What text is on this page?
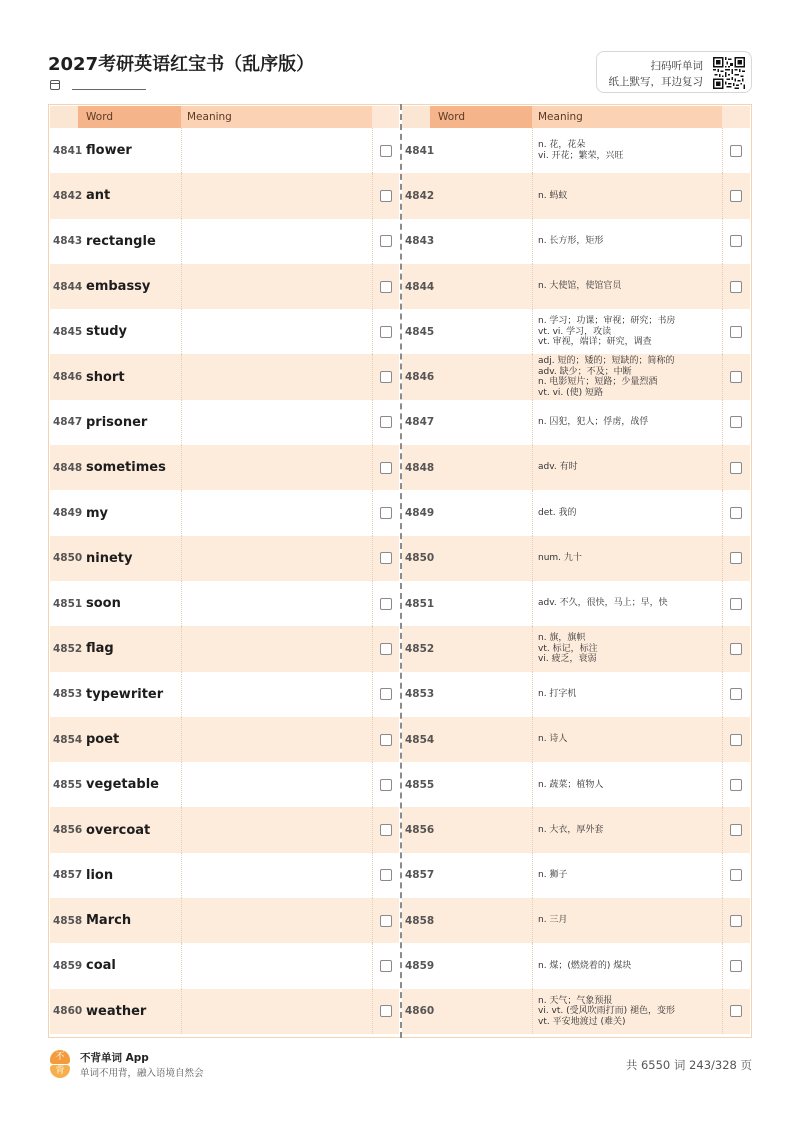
2027考研英语红宝书（乱序版）	扫码听单词
纸上默写，耳边复习
Word	Meaning
4841 flower
4842 ant
4843 rectangle
4844 embassy
4845 study
4846 short
4847 prisoner
4848 sometimes
4849 my
4850 ninety
4851 soon
4852 flag
4853 typewriter
4854 poet
4855 vegetable
4856 overcoat
4857 lion
4858 March
4859 coal
4860 weather
Word	Meaning
4841	n. 花，花朵
vi. 开花；繁荣，兴旺
4842	n. 蚂蚁
4843	n. 长方形，矩形
4844	n. 大使馆，使馆官员
4845
n. 学习；功课；审视；研究；书房
vt. vi. 学习，攻读
vt. 审视，端详；研究，调查
4846
adj. 短的；矮的；短缺的；简称的
adv. 缺少；不及；中断
n. 电影短片；短路；少量烈酒
vt. vi. (使) 短路
4847	n. 囚犯，犯人；俘虏，战俘
4848	adv. 有时
4849	det. 我的
4850	num. 九十
4851	adv. 不久，很快，马上；早，快
4852
n. 旗，旗帜
vt. 标记，标注
vi. 疲乏，衰弱
4853	n. 打字机
4854	n. 诗人
4855	n. 蔬菜；植物人
4856	n. 大衣，厚外套
4857	n. 狮子
4858	n. 三月
4859	n. 煤；(燃烧着的) 煤块
4860
n. 天气；气象预报
vi. vt. (受风吹雨打而) 褪色，变形
vt. 平安地渡过 (难关)
不
背
不背单词 App
单词不用背，融入语境自然会
共 6550 词 243/328 页
